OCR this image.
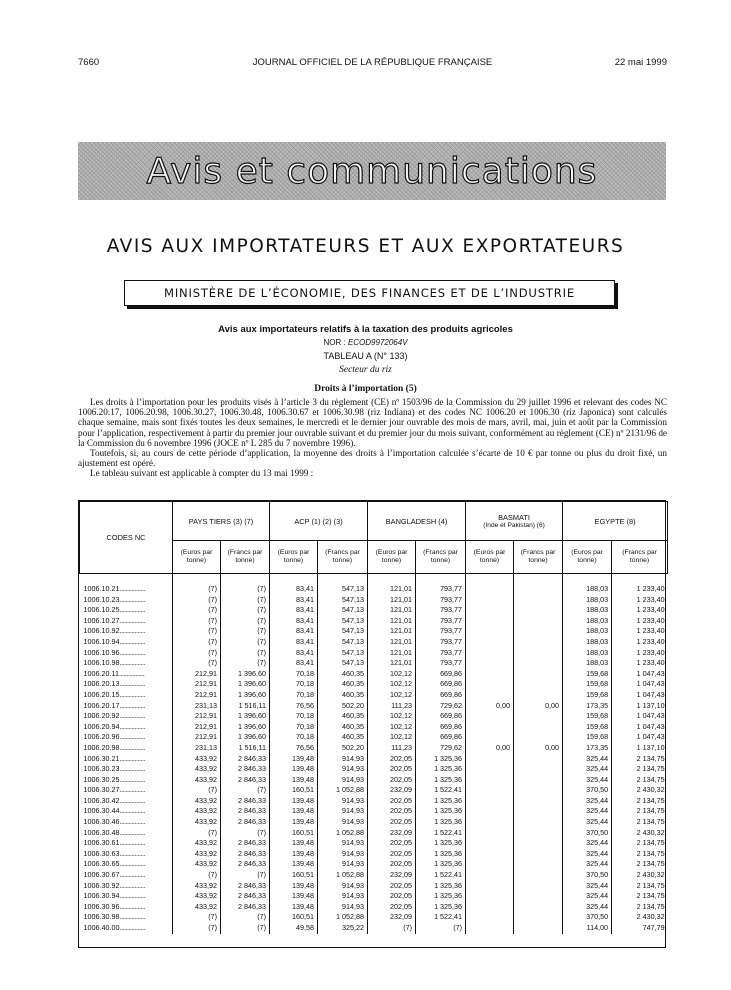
7660	JOURNAL OFFICIEL DE LA RÉPUBLIQUE FRANÇAISE	22 mai 1999
Avis et communications
AVIS AUX IMPORTATEURS ET AUX EXPORTATEURS
MINISTÈRE DE L’ÉCONOMIE, DES FINANCES ET DE L’INDUSTRIE
Avis aux importateurs relatifs à la taxation des produits agricoles
NOR : ECOD9972064V
TABLEAU A (N° 133)
Secteur du riz
Droits à l’importation (5)

Les droits à l’importation pour les produits visés à l’article 3 du règlement (CE) nº 1503/96 de la Commission du 29 juillet 1996 et relevant des codes NC 1006.20.17, 1006.20.98, 1006.30.27, 1006.30.48, 1006.30.67 et 1006.30.98 (riz Indiana) et des codes NC 1006.20 et 1006.30 (riz Japonica) sont calculés chaque semaine, mais sont fixés toutes les deux semaines, le mercredi et le dernier jour ouvrable des mois de mars, avril, mai, juin et août par la Commission pour l’application, respectivement à partir du premier jour ouvrable suivant et du premier jour du mois suivant, conformément au règlement (CE) nº 2131/96 de la Commission du 6 novembre 1996 (JOCE nº L 285 du 7 novembre 1996).

Toutefois, si, au cours de cette période d’application, la moyenne des droits à l’importation calculée s’écarte de 10 € par tonne ou plus du droit fixé, un ajustement est opéré.

Le tableau suivant est applicable à compter du 13 mai 1999 :

CODES NC	PAYS TIERS (3) (7)		ACP (1) (2) (3)		BANGLADESH (4)		BASMATI
(Inde et Pakistan) (6)		EGYPTE (8)	
	(Euros par tonne)	(Francs par tonne)	(Euros par tonne)	(Francs par tonne)	(Euros par tonne)	(Francs par tonne)	(Euros par tonne)	(Francs par tonne)	(Euros par tonne)	(Francs par tonne)
1006.10.21.................	(7)	(7)	83,41	547,13	121,01	793,77			188,03	1 233,40
1006.10.23.................	(7)	(7)	83,41	547,13	121,01	793,77			188,03	1 233,40
1006.10.25.................	(7)	(7)	83,41	547,13	121,01	793,77			188,03	1 233,40
1006.10.27.................	(7)	(7)	83,41	547,13	121,01	793,77			188,03	1 233,40
1006.10.92.................	(7)	(7)	83,41	547,13	121,01	793,77			188,03	1 233,40
1006.10.94.................	(7)	(7)	83,41	547,13	121,01	793,77			188,03	1 233,40
1006.10.96.................	(7)	(7)	83,41	547,13	121,01	793,77			188,03	1 233,40
1006.10.98.................	(7)	(7)	83,41	547,13	121,01	793,77			188,03	1 233,40
1006.20.11.................	212,91	1 396,60	70,18	460,35	102,12	669,86			159,68	1 047,43
1006.20.13.................	212,91	1 396,60	70,18	460,35	102,12	669,86			159,68	1 047,43
1006.20.15.................	212,91	1 396,60	70,18	460,35	102,12	669,86			159,68	1 047,43
1006.20.17.................	231,13	1 516,11	76,56	502,20	111,23	729,62	0,00	0,00	173,35	1 137,10
1006.20.92.................	212,91	1 396,60	70,18	460,35	102,12	669,86			159,68	1 047,43
1006.20.94.................	212,91	1 396,60	70,18	460,35	102,12	669,86			159,68	1 047,43
1006.20.96.................	212,91	1 396,60	70,18	460,35	102,12	669,86			159,68	1 047,43
1006.20.98.................	231,13	1 516,11	76,56	502,20	111,23	729,62	0,00	0,00	173,35	1 137,10
1006.30.21.................	433,92	2 846,33	139,48	914,93	202,05	1 325,36			325,44	2 134,75
1006.30.23.................	433,92	2 846,33	139,48	914,93	202,05	1 325,36			325,44	2 134,75
1006.30.25.................	433,92	2 846,33	139,48	914,93	202,05	1 325,36			325,44	2 134,75
1006.30.27.................	(7)	(7)	160,51	1 052,88	232,09	1 522,41			370,50	2 430,32
1006.30.42.................	433,92	2 846,33	139,48	914,93	202,05	1 325,36			325,44	2 134,75
1006.30.44.................	433,92	2 846,33	139,48	914,93	202,05	1 325,36			325,44	2 134,75
1006.30.46.................	433,92	2 846,33	139,48	914,93	202,05	1 325,36			325,44	2 134,75
1006.30.48.................	(7)	(7)	160,51	1 052,88	232,09	1 522,41			370,50	2 430,32
1006.30.61.................	433,92	2 846,33	139,48	914,93	202,05	1 325,36			325,44	2 134,75
1006.30.63.................	433,92	2 846,33	139,48	914,93	202,05	1 325,36			325,44	2 134,75
1006.30.65.................	433,92	2 846,33	139,48	914,93	202,05	1 325,36			325,44	2 134,75
1006.30.67.................	(7)	(7)	160,51	1 052,88	232,09	1 522,41			370,50	2 430,32
1006.30.92.................	433,92	2 846,33	139,48	914,93	202,05	1 325,36			325,44	2 134,75
1006.30.94.................	433,92	2 846,33	139,48	914,93	202,05	1 325,36			325,44	2 134,75
1006.30.96.................	433,92	2 846,33	139,48	914,93	202,05	1 325,36			325,44	2 134,75
1006.30.98.................	(7)	(7)	160,51	1 052,88	232,09	1 522,41			370,50	2 430,32
1006.40.00.................	(7)	(7)	49,58	325,22	(7)	(7)			114,00	747,79
